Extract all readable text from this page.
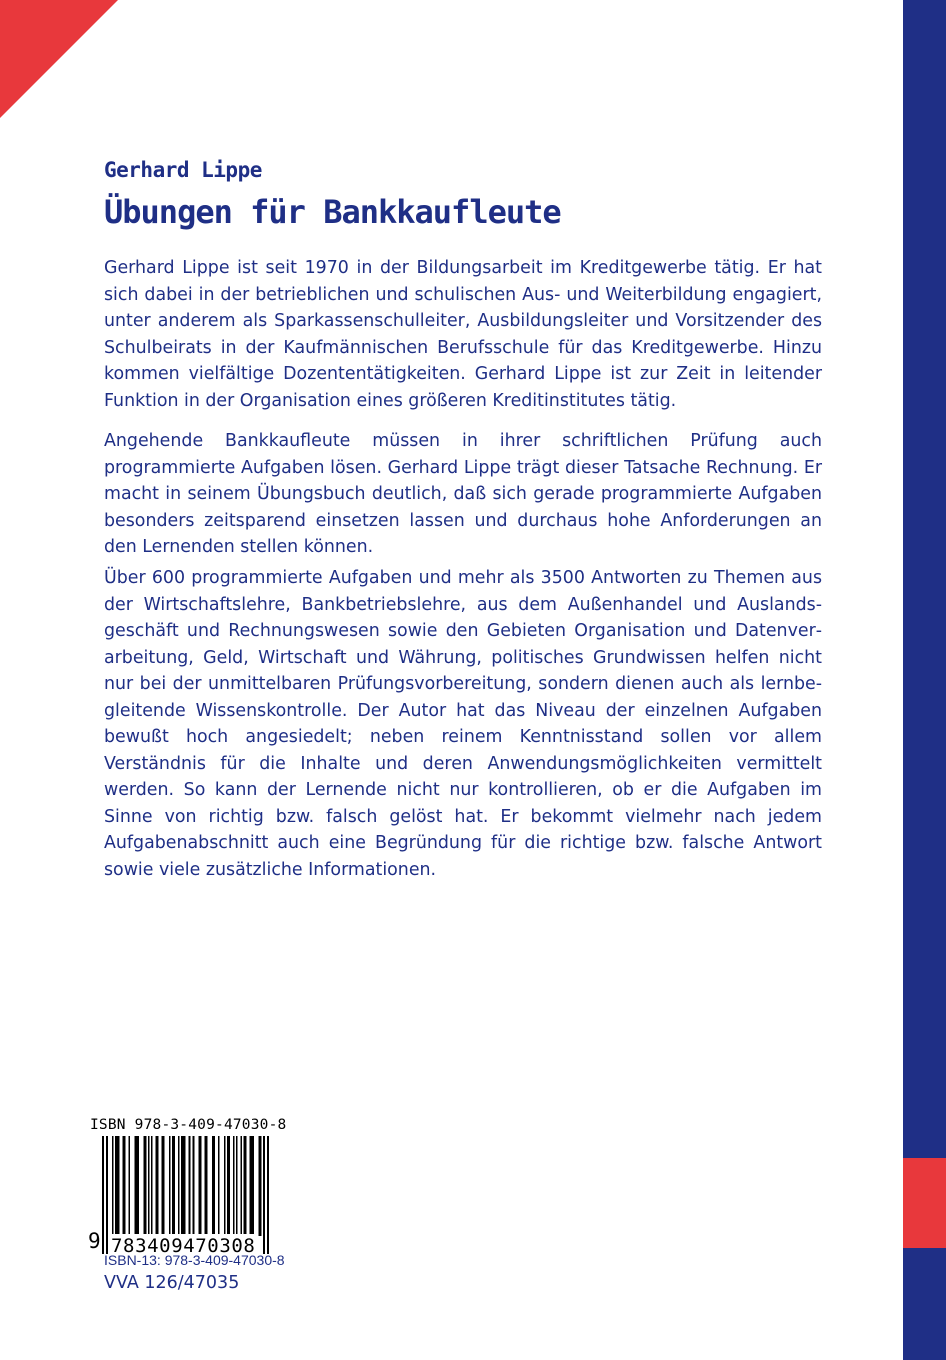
Gerhard Lippe

Übungen für Bankkaufleute

Gerhard Lippe ist seit 1970 in der Bildungsarbeit im Kreditgewerbe tätig. Er hat sich dabei in der betrieblichen und schulischen Aus- und Weiterbildung engagiert, unter anderem als Sparkassenschulleiter, Ausbildungsleiter und Vorsitzender des Schulbeirats in der Kaufmännischen Berufsschule für das Kreditgewerbe. Hinzu kommen vielfältige Dozententätigkeiten. Gerhard Lippe ist zur Zeit in leitender Funktion in der Organisation eines größeren Kreditinstitutes tätig.

Angehende Bankkaufleute müssen in ihrer schriftlichen Prüfung auch programmierte Aufgaben lösen. Gerhard Lippe trägt dieser Tatsache Rechnung. Er macht in seinem Übungsbuch deutlich, daß sich gerade programmierte Aufgaben besonders zeitsparend einsetzen lassen und durchaus hohe Anforderungen an den Lernenden stellen können.

Über 600 programmierte Aufgaben und mehr als 3500 Antworten zu Themen aus der Wirtschaftslehre, Bankbetriebslehre, aus dem Außenhandel und Auslandsgeschäft und Rechnungswesen sowie den Gebieten Organisation und Datenverarbeitung, Geld, Wirtschaft und Währung, politisches Grundwissen helfen nicht nur bei der unmittelbaren Prüfungsvorbereitung, sondern dienen auch als lernbegleitende Wissenskontrolle. Der Autor hat das Niveau der einzelnen Aufgaben bewußt hoch angesiedelt; neben reinem Kenntnisstand sollen vor allem Verständnis für die Inhalte und deren Anwendungsmöglichkeiten vermittelt werden. So kann der Lernende nicht nur kontrollieren, ob er die Aufgaben im Sinne von richtig bzw. falsch gelöst hat. Er bekommt vielmehr nach jedem Aufgabenabschnitt auch eine Begründung für die richtige bzw. falsche Antwort sowie viele zusätzliche Informationen.

ISBN 978-3-409-47030-8

9 783409470308

ISBN-13: 978-3-409-47030-8

VVA 126/47035
